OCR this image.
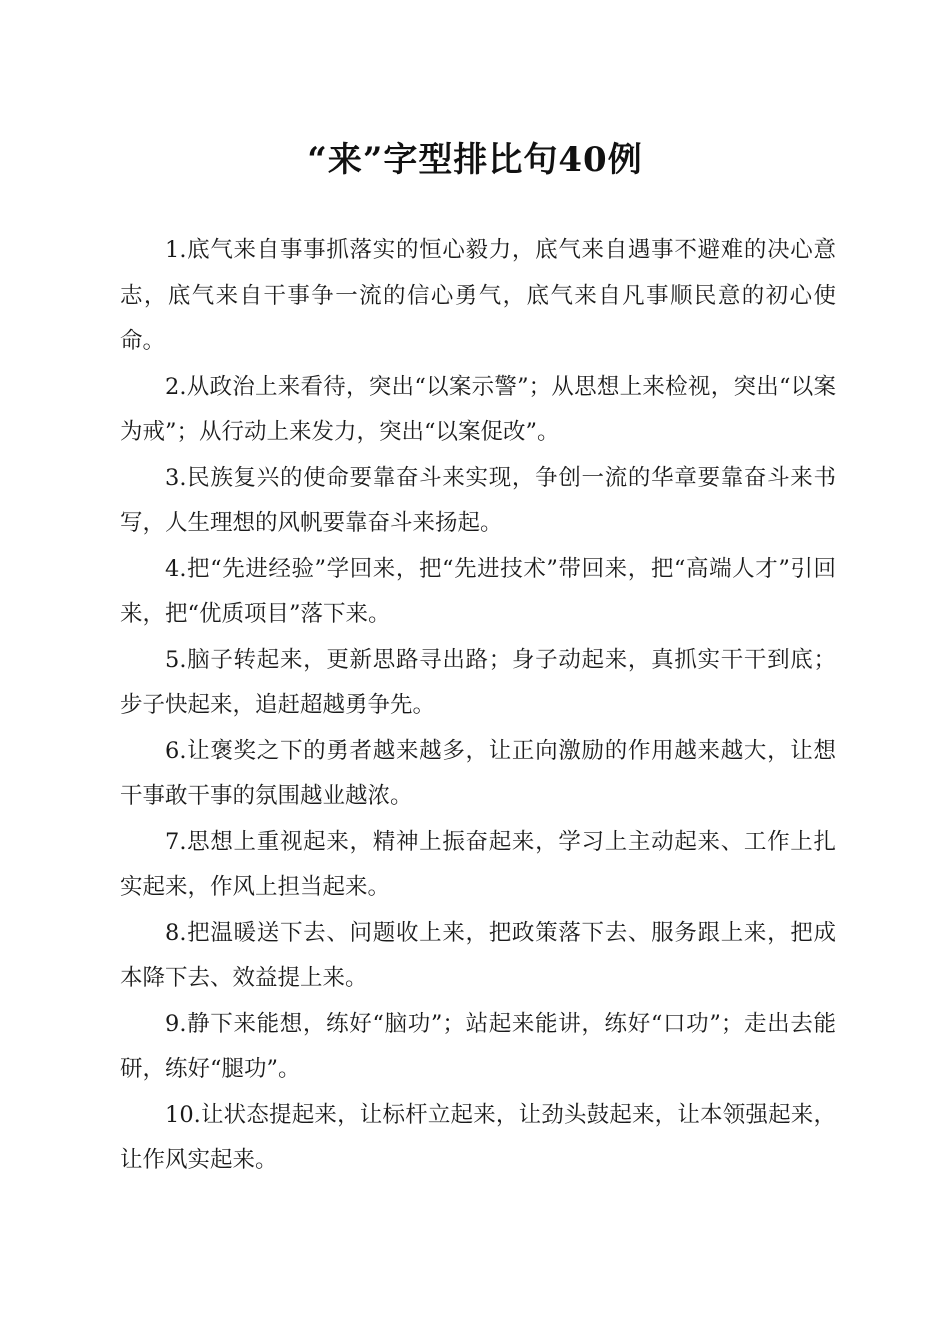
“来”字型排比句40例

1.底气来自事事抓落实的恒心毅力，底气来自遇事不避难的决心意志，底气来自干事争一流的信心勇气，底气来自凡事顺民意的初心使命。

2.从政治上来看待，突出“以案示警”；从思想上来检视，突出“以案为戒”；从行动上来发力，突出“以案促改”。

3.民族复兴的使命要靠奋斗来实现，争创一流的华章要靠奋斗来书写，人生理想的风帆要靠奋斗来扬起。

4.把“先进经验”学回来，把“先进技术”带回来，把“高端人才”引回来，把“优质项目”落下来。

5.脑子转起来，更新思路寻出路；身子动起来，真抓实干干到底；步子快起来，追赶超越勇争先。

6.让褒奖之下的勇者越来越多，让正向激励的作用越来越大，让想干事敢干事的氛围越业越浓。

7.思想上重视起来，精神上振奋起来，学习上主动起来、工作上扎实起来，作风上担当起来。

8.把温暖送下去、问题收上来，把政策落下去、服务跟上来，把成本降下去、效益提上来。

9.静下来能想，练好“脑功”；站起来能讲，练好“口功”；走出去能研，练好“腿功”。

10.让状态提起来，让标杆立起来，让劲头鼓起来，让本领强起来，让作风实起来。
